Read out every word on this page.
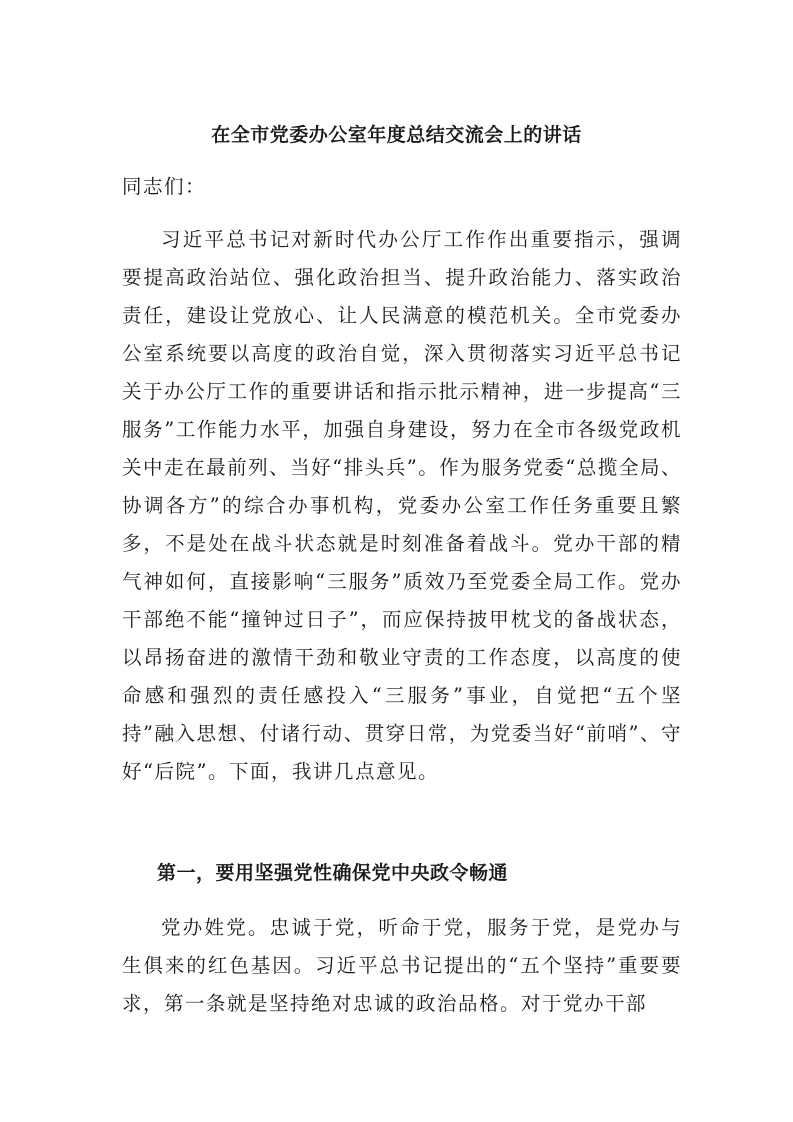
在全市党委办公室年度总结交流会上的讲话
同志们：

习近平总书记对新时代办公厅工作作出重要指示，强调要提高政治站位、强化政治担当、提升政治能力、落实政治责任，建设让党放心、让人民满意的模范机关。全市党委办公室系统要以高度的政治自觉，深入贯彻落实习近平总书记关于办公厅工作的重要讲话和指示批示精神，进一步提高“三服务”工作能力水平，加强自身建设，努力在全市各级党政机关中走在最前列、当好“排头兵”。作为服务党委“总揽全局、协调各方”的综合办事机构，党委办公室工作任务重要且繁多，不是处在战斗状态就是时刻准备着战斗。党办干部的精气神如何，直接影响“三服务”质效乃至党委全局工作。党办干部绝不能“撞钟过日子”，而应保持披甲枕戈的备战状态，以昂扬奋进的激情干劲和敬业守责的工作态度，以高度的使命感和强烈的责任感投入“三服务”事业，自觉把“五个坚持”融入思想、付诸行动、贯穿日常，为党委当好“前哨”、守好“后院”。下面，我讲几点意见。

第一，要用坚强党性确保党中央政令畅通

党办姓党。忠诚于党，听命于党，服务于党，是党办与生俱来的红色基因。习近平总书记提出的“五个坚持”重要要求，第一条就是坚持绝对忠诚的政治品格。对于党办干部
